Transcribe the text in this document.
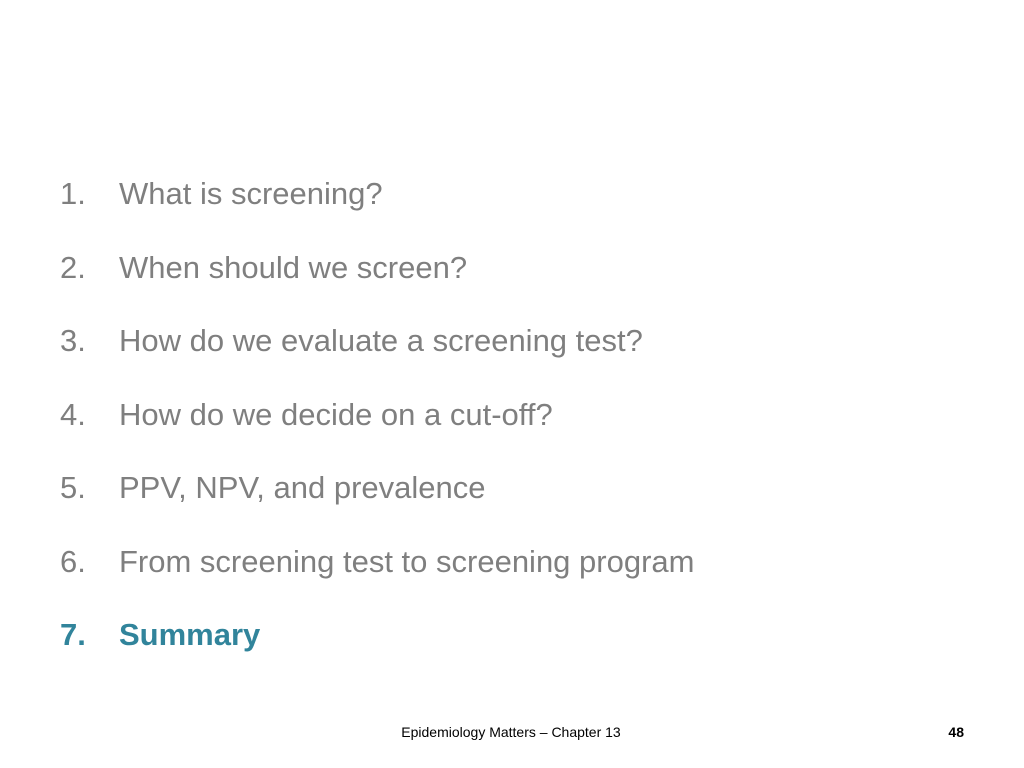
1.	What is screening?
2.	When should we screen?
3.	How do we evaluate a screening test?
4.	How do we decide on a cut-off?
5.	PPV, NPV, and prevalence
6.	From screening test to screening program
7.	Summary
Epidemiology Matters – Chapter 13	48
